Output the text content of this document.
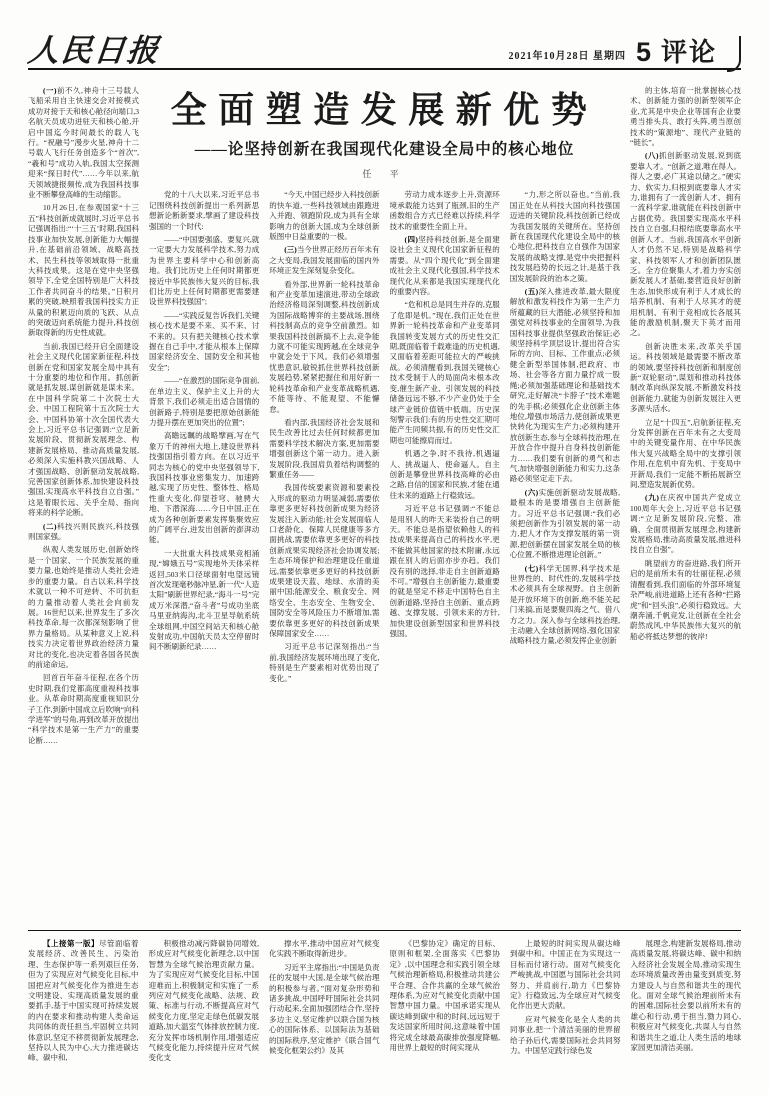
人民日报	2021年10月28日 星期四 5 评论

(一)前不久,神舟十三号载人飞船采用自主快速交会对接模式成功对接于天和核心舱径向端口,3名航天员成功进驻天和核心舱,开启中国迄今时间最长的载人飞行。“祝融号”漫步火星,神舟十二号载人飞行任务创造多个“首次”,“羲和号”成功入轨,我国太空探测迎来“探日时代”……今年以来,航天领域捷报频传,成为我国科技事业不断攀登高峰的生动缩影。

10月26日,在参观国家“十三五”科技创新成就展时,习近平总书记强调指出:“‘十三五’时期,我国科技事业加快发展,创新能力大幅提升,在基础前沿领域、战略高技术、民生科技等领域取得一批重大科技成果。这是在党中央坚强领导下,全党全国特别是广大科技工作者共同奋斗的结果。”日积月累的突破,映照着我国科技实力正从量的积累迈向质的飞跃、从点的突破迈向系统能力提升,科技创新取得新的历史性成就。

当前,我国已经开启全面建设社会主义现代化国家新征程,科技创新在党和国家发展全局中具有十分重要的地位和作用。抓创新就是抓发展,谋创新就是谋未来。在中国科学院第二十次院士大会、中国工程院第十五次院士大会、中国科协第十次全国代表大会上,习近平总书记强调:“立足新发展阶段、贯彻新发展理念、构建新发展格局、推动高质量发展,必须深入实施科教兴国战略、人才强国战略、创新驱动发展战略,完善国家创新体系,加快建设科技强国,实现高水平科技自立自强。”这是着眼长远、关乎全局、指向将来的科学论断。

(二)科技兴则民族兴,科技强则国家强。

纵观人类发展历史,创新始终是一个国家、一个民族发展的重要力量,也始终是推动人类社会进步的重要力量。自古以来,科学技术就以一种不可逆转、不可抗拒的力量推动着人类社会向前发展。16世纪以来,世界发生了多次科技革命,每一次都深刻影响了世界力量格局。从某种意义上说,科技实力决定着世界政治经济力量对比的变化,也决定着各国各民族的前途命运。

回首百年奋斗征程,在各个历史时期,我们党都高度重视科技事业。从革命时期高度重视知识分子工作,到新中国成立后吹响“向科学进军”的号角,再到改革开放提出“科学技术是第一生产力”的重要论断……

全面塑造发展新优势
——论坚持创新在我国现代化建设全局中的核心地位
任 平

党的十八大以来,习近平总书记围绕科技创新提出一系列新思想新论断新要求,擘画了建设科技强国的一个时代:

——“中国要强盛、要复兴,就一定要大力发展科学技术,努力成为世界主要科学中心和创新高地。我们比历史上任何时期都更接近中华民族伟大复兴的目标,我们比历史上任何时期都更需要建设世界科技强国”;

——“实践反复告诉我们,关键核心技术是要不来、买不来、讨不来的。只有把关键核心技术掌握在自己手中,才能从根本上保障国家经济安全、国防安全和其他安全”;

——“在激烈的国际竞争面前,在单边主义、保护主义上升的大背景下,我们必须走出适合国情的创新路子,特别是要把原始创新能力提升摆在更加突出的位置”;

高瞻远瞩的战略擘画,写在气象万千的神州大地上,建设世界科技强国指引着方向。在以习近平同志为核心的党中央坚强领导下,我国科技事业密集发力、加速跨越,实现了历史性、整体性、格局性重大变化,仰望苍穹、驰骋大地、下潜深海……今日中国,正在成为各种创新要素发挥集聚效应的广阔平台,迸发出创新的澎湃动能。

一大批重大科技成果竞相涌现,“嫦娥五号”实现地外天体采样返回,503米口径球面射电望远镜首次发现毫秒脉冲星,新一代“人造太阳”刷新世界纪录,“海斗一号”完成万米深潜,“奋斗者”号成功坐底马里亚纳海沟,北斗卫星导航系统全球组网,中国空间站天和核心舱发射成功,中国航天员太空停留时间不断刷新纪录……

“今天,中国已经步入科技创新的快车道,一些科技领域由跟跑进入并跑、领跑阶段,成为具有全球影响力的创新大国,成为全球创新版图中日益重要的一极。

(三)当今世界正经历百年未有之大变局,我国发展面临的国内外环境正发生深刻复杂变化。

看外部,世界新一轮科技革命和产业变革加速演进,带动全球政治经济格局深刻调整,科技创新成为国际战略博弈的主要战场,围绕科技制高点的竞争空前激烈。如果我国科技创新搞不上去,竞争能力就不可能实现跨越,在全球竞争中就会处于下风。我们必须增强忧患意识,敏锐抓住世界科技创新发展趋势,紧紧把握住和用好新一轮科技革命和产业变革战略机遇,不能等待、不能观望、不能懈怠。

看内部,我国经济社会发展和民生改善比过去任何时候都更加需要科学技术解决方案,更加需要增强创新这个第一动力。进入新发展阶段,我国肩负着结构调整的繁重任务——

我国传统要素资源和要素投入形成的驱动力明显减弱,需要依靠更多更好科技创新成果为经济发展注入新动能;社会发展面临人口老龄化、保障人民健康等多方面挑战,需要依靠更多更好的科技创新成果实现经济社会协调发展;生态环境保护和治理建设任重道远,需要依靠更多更好的科技创新成果建设天蓝、地绿、水清的美丽中国;能源安全、粮食安全、网络安全、生态安全、生物安全、国防安全等风险压力不断增加,需要依靠更多更好的科技创新成果保障国家安全……

习近平总书记深刻指出:“当前,我国经济发展环境出现了变化,特别是生产要素相对优势出现了变化。”

劳动力成本逐步上升,资源环境承载能力达到了瓶颈,旧的生产函数组合方式已经难以持续,科学技术的重要性全面上升。

(四)坚持科技创新,是全面建设社会主义现代化国家新征程的需要。从“四个现代化”到全面建成社会主义现代化强国,科学技术现代化从来都是我国实现现代化的重要内容。

“危和机总是同生并存的,克服了危即是机。”现在,我们正处在世界新一轮科技革命和产业变革同我国转变发展方式的历史性交汇期,既面临着千载难逢的历史机遇,又面临着差距可能拉大的严峻挑战。必须清醒看到,我国关键核心技术受制于人的局面尚未根本改变,催生新产业、引领发展的科技储备远远不够,不少产业仍处于全球产业链价值链中低端。历史深刻警示我们:有的历史性交汇期可能产生同频共振,有的历史性交汇期也可能擦肩而过。

机遇之争,时不我待,机遇逼人、挑战逼人、使命逼人。自主创新是攀登世界科技高峰的必由之路,自信的国家和民族,才能在通往未来的道路上行稳致远。

习近平总书记强调:“不能总是用别人的昨天来装扮自己的明天。不能总是指望依赖他人的科技成果来提高自己的科技水平,更不能做其他国家的技术附庸,永远跟在别人的后面亦步亦趋。我们没有别的选择,非走自主创新道路不可。”增强自主创新能力,最重要的就是坚定不移走中国特色自主创新道路,坚持自主创新、重点跨越、支撑发展、引领未来的方针,加快建设创新型国家和世界科技强国。

“力,形之所以奋也。”当前,我国正处在从科技大国向科技强国迈进的关键阶段,科技创新已经成为我国发展的关键所在。坚持创新在我国现代化建设全局中的核心地位,把科技自立自强作为国家发展的战略支撑,是党中央把握科技发展趋势的长远之计,是基于我国发展阶段的治本之策。

(五)深入推进改革,最大限度解放和激发科技作为第一生产力所蕴藏的巨大潜能,必须坚持和加强党对科技事业的全面领导,为我国科技事业提供坚强政治保证;必须坚持科学顶层设计,提出符合实际的方向、目标、工作重点;必须健全新型举国体制,把政府、市场、社会等各方面力量拧成一股绳;必须加强基础理论和基础技术研究,走好解决“卡脖子”技术难题的先手棋;必须强化企业创新主体地位,增强市场活力,使创新成果更快转化为现实生产力;必须构建开放创新生态,参与全球科技治理,在开放合作中提升自身科技创新能力……我们要有创新的勇气和志气,加快增强创新能力和实力,这条路必须坚定走下去。

(六)实施创新驱动发展战略,最根本的是要增强自主创新能力。习近平总书记强调:“我们必须把创新作为引领发展的第一动力,把人才作为支撑发展的第一资源,把创新摆在国家发展全局的核心位置,不断推进理论创新。”

(七)科学无国界,科学技术是世界性的、时代性的,发展科学技术必须具有全球视野。自主创新是开放环境下的创新,绝不能关起门来搞,而是要聚四海之气、借八方之力。深入参与全球科技治理,主动融入全球创新网络,强化国家战略科技力量,必须发挥企业创新

的主体,培育一批掌握核心技术、创新能力强的创新型领军企业,尤其是中央企业等国有企业要勇当排头兵、敢打头阵,勇当原创技术的“策源地”、现代产业链的“链长”。

(八)抓创新驱动发展,说到底要靠人才。“创新之道,唯在得人。得人之要,必广其途以储之。”硬实力、软实力,归根到底要靠人才实力,谁拥有了一流创新人才、拥有一流科学家,谁就能在科技创新中占据优势。我国要实现高水平科技自立自强,归根结底要靠高水平创新人才。当前,我国高水平创新人才仍然不足,特别是战略科学家、科技领军人才和创新团队匮乏。全方位聚集人才,着力夯实创新发展人才基础,要营造良好创新生态,加快形成有利于人才成长的培养机制、有利于人尽其才的使用机制、有利于竞相成长各展其能的激励机制,聚天下英才而用之。

创新决胜未来,改革关乎国运。科技领域是最需要不断改革的领域,要坚持科技创新和制度创新“双轮驱动”,谋划和推动科技体制改革向纵深发展,不断激发科技创新能力,就能为创新发展注入更多源头活水。

立足“十四五”,启航新征程,充分发挥创新在百年未有之大变局中的关键变量作用、在中华民族伟大复兴战略全局中的支撑引领作用,在危机中育先机、于变局中开新局,我们一定能不断拓展新空间,塑造发展新优势。

(九)在庆祝中国共产党成立100周年大会上,习近平总书记强调:“立足新发展阶段,完整、准确、全面贯彻新发展理念,构建新发展格局,推动高质量发展,推进科技自立自强”。

眺望前方的奋进路,我们所开启的是前所未有的壮丽征程,必须清醒看到,我们面临的外部环境复杂严峻,前进道路上还有各种“拦路虎”和“回头浪”,必须行稳致远。大潮奔涌,千帆竞发,让创新在全社会蔚然成风,中华民族伟大复兴的航船必将抵达梦想的彼岸!

【上接第一版】尽管面临着发展经济、改善民生、污染治理、生态保护等一系列艰巨任务,但为了实现应对气候变化目标,中国把应对气候变化作为推进生态文明建设、实现高质量发展的重要抓手,基于中国实现可持续发展的内在要求和推动构建人类命运共同体的责任担当,牢固树立共同体意识,坚定不移贯彻新发展理念,坚持以人民为中心,大力推进碳达峰、碳中和,

积极推动减污降碳协同增效,形成应对气候变化新理念,以中国智慧为全球气候治理贡献力量。为了实现应对气候变化目标,中国迎难而上,积极制定和实施了一系列应对气候变化战略、法规、政策、标准与行动,不断提高应对气候变化力度,坚定走绿色低碳发展道路,加大温室气体排放控制力度,充分发挥市场机制作用,增强适应气候变化能力,持续提升应对气候变化支

撑水平,推动中国应对气候变化实践不断取得新进步。

习近平主席指出:“中国是负责任的发展中大国,是全球气候治理的积极参与者。”面对复杂形势和诸多挑战,中国呼吁国际社会共同行动起来,全面加强团结合作,坚持多边主义,坚定维护以联合国为核心的国际体系、以国际法为基础的国际秩序,坚定维护《联合国气候变化框架公约》及其

《巴黎协定》确定的目标、原则和框架,全面落实《巴黎协定》,以中国理念和实践引领全球气候治理新格局,积极推动共建公平合理、合作共赢的全球气候治理体系,为应对气候变化贡献中国智慧中国力量。中国承诺实现从碳达峰到碳中和的时间,远远短于发达国家所用时间,这意味着中国将完成全球最高碳排放强度降幅,用世界上最短的时间实现从

上最短的时间实现从碳达峰到碳中和。中国正在为实现这一目标而付诸行动。面对气候变化严峻挑战,中国愿与国际社会共同努力、并肩前行,助力《巴黎协定》行稳致远,为全球应对气候变化作出更大贡献。

应对气候变化是全人类的共同事业,把一个清洁美丽的世界留给子孙后代,需要国际社会共同努力。中国坚定践行绿色发

展理念,构建新发展格局,推动高质量发展,将碳达峰、碳中和纳入经济社会发展全局,推动实现生态环境质量改善由量变到质变,努力建设人与自然和谐共生的现代化。面对全球气候治理前所未有的困难,国际社会要以前所未有的雄心和行动,勇于担当,勠力同心,积极应对气候变化,共谋人与自然和谐共生之道,让人类生活的地球家园更加清洁美丽。
